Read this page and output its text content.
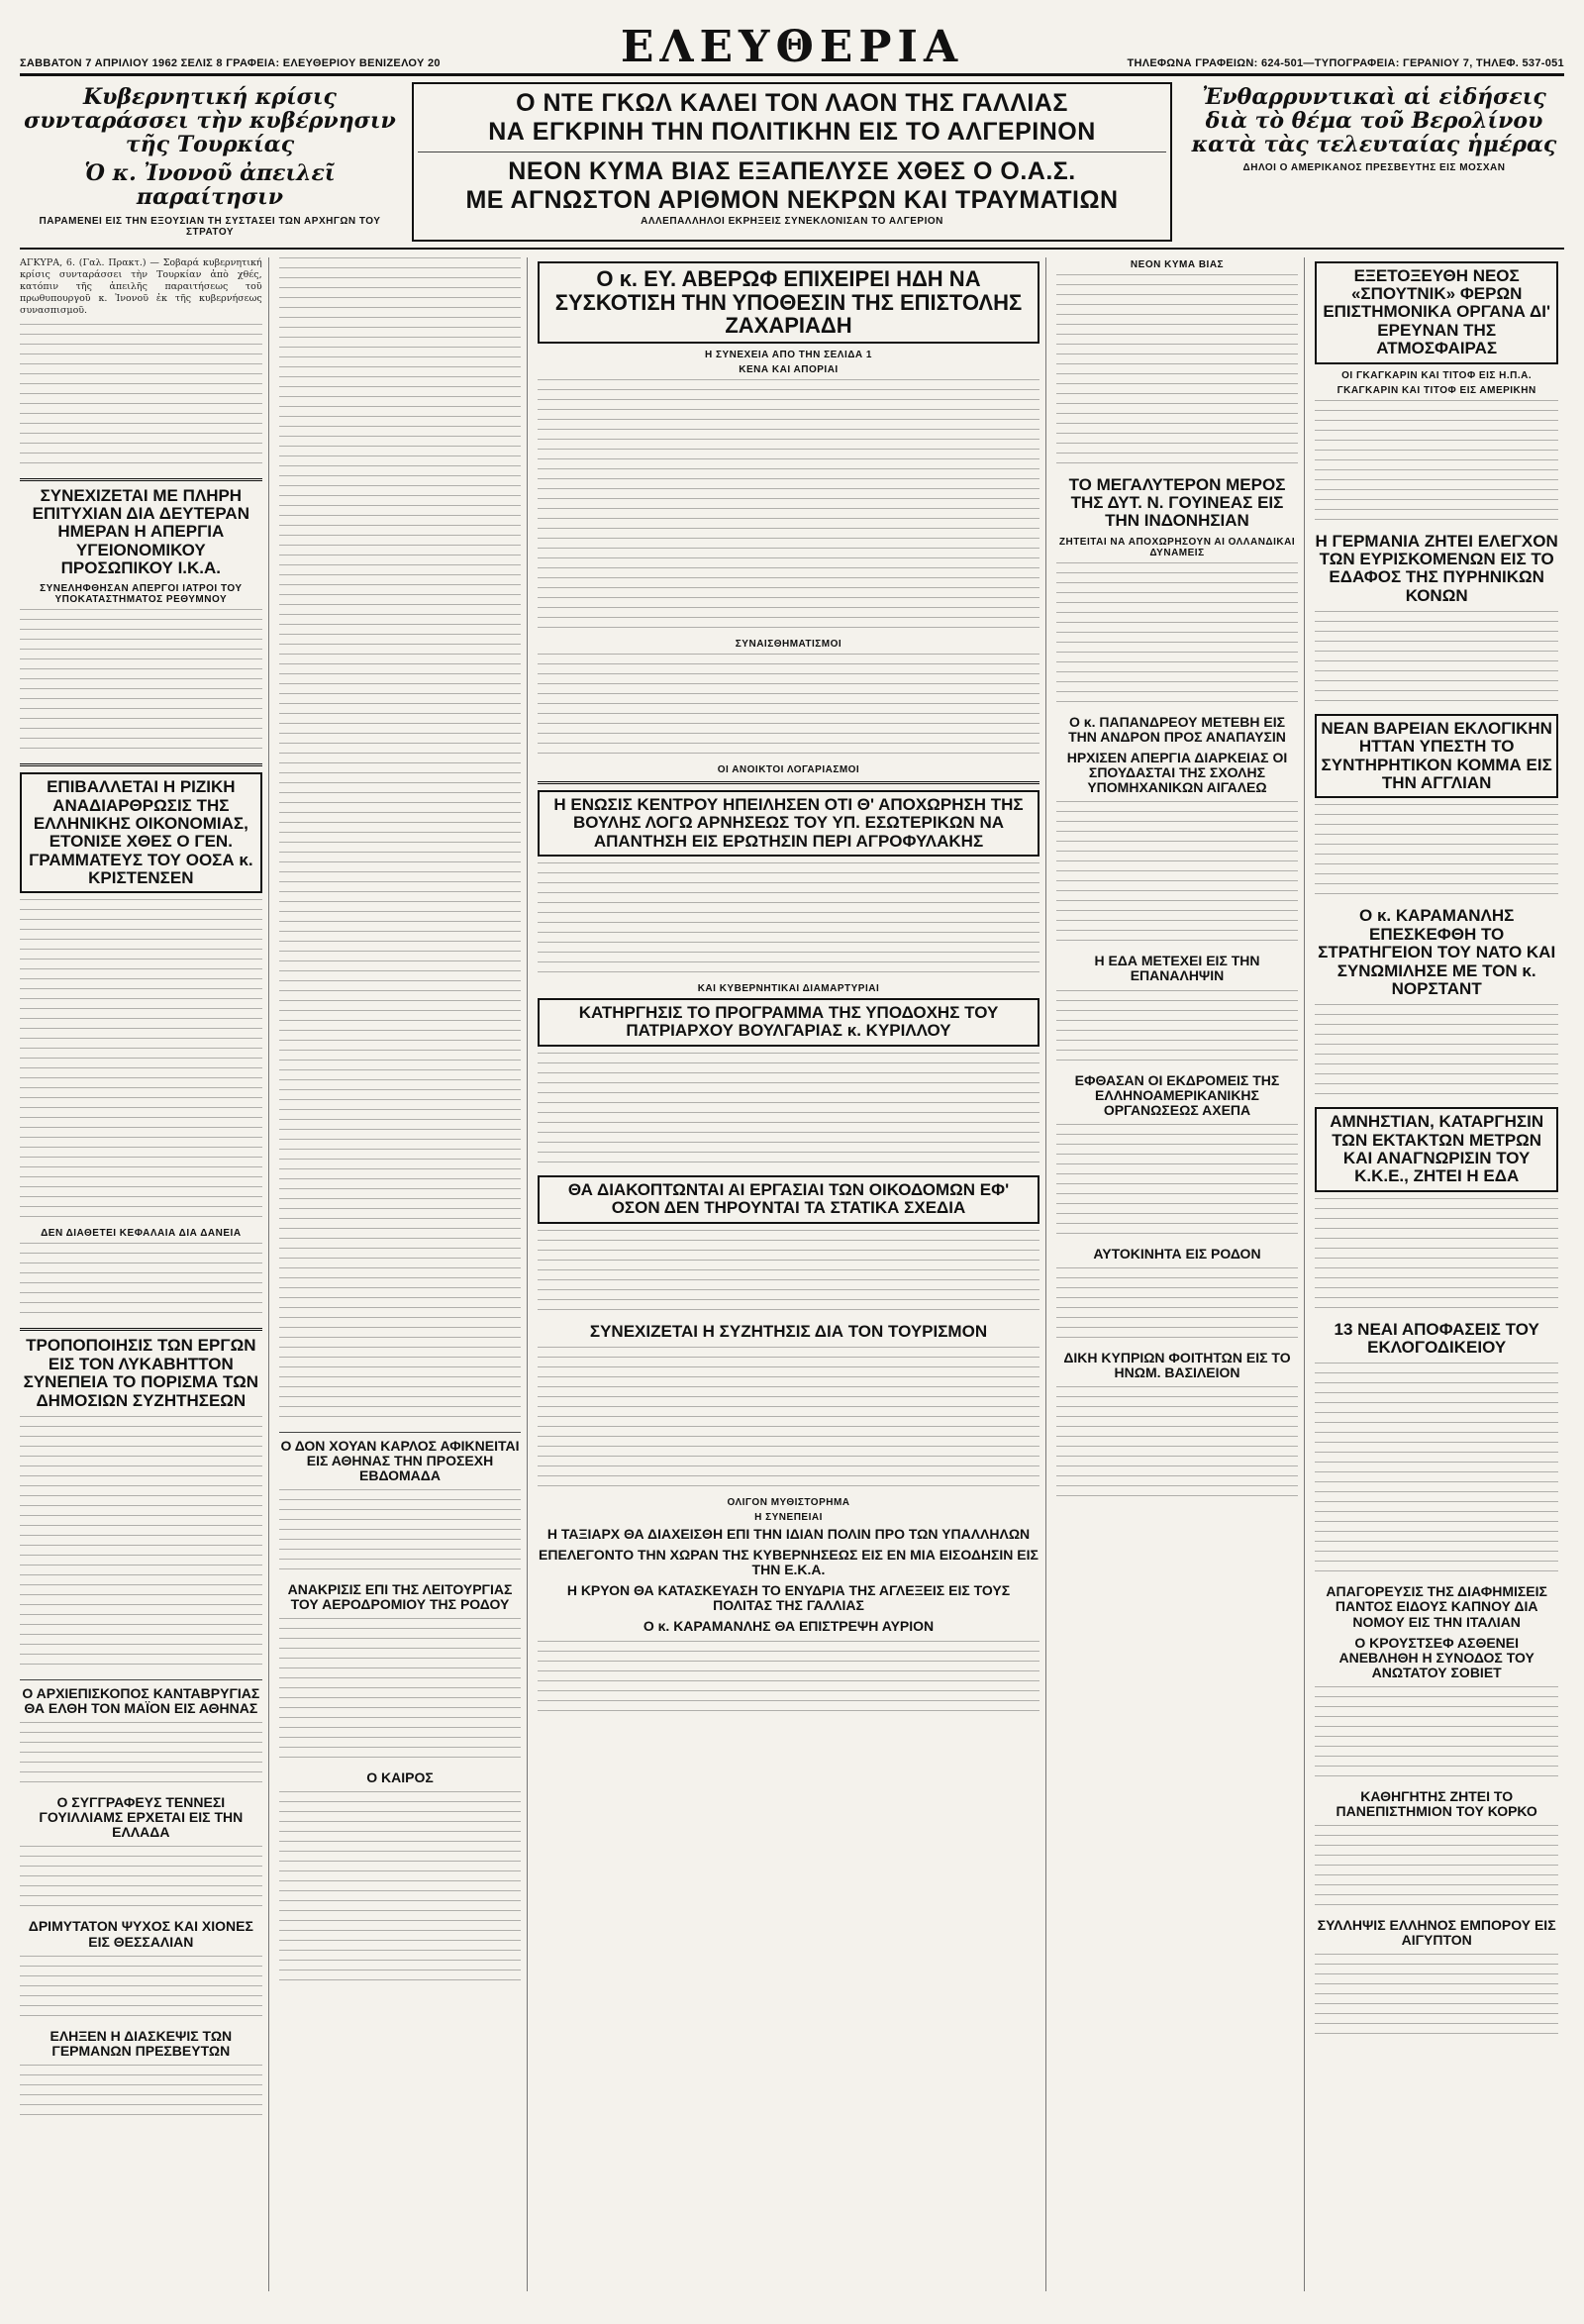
ΣΑΒΒΑΤΟΝ 7 ΑΠΡΙΛΙΟΥ 1962 ΣΕΛΙΣ 8 ΓΡΑΦΕΙΑ: ΕΛΕΥΘΕΡΙΟΥ ΒΕΝΙΖΕΛΟΥ 20	ΕΛΕΥΘΕΡΙΑ	ΤΗΛΕΦΩΝΑ ΓΡΑΦΕΙΩΝ: 624-501—ΤΥΠΟΓΡΑΦΕΙΑ: ΓΕΡΑΝΙΟΥ 7, ΤΗΛΕΦ. 537-051
Κυβερνητική κρίσις συνταράσσει τὴν κυβέρνησιν τῆς Τουρκίας
Ὁ κ. Ἰνονοῦ ἀπειλεῖ παραίτησιν
ΠΑΡΑΜΕΝΕΙ ΕΙΣ ΤΗΝ ΕΞΟΥΣΙΑΝ ΤΗ ΣΥΣΤΑΣΕΙ ΤΩΝ ΑΡΧΗΓΩΝ ΤΟΥ ΣΤΡΑΤΟΥ
Ο ΝΤΕ ΓΚΩΛ ΚΑΛΕΙ ΤΟΝ ΛΑΟΝ ΤΗΣ ΓΑΛΛΙΑΣ
ΝΑ ΕΓΚΡΙΝΗ ΤΗΝ ΠΟΛΙΤΙΚΗΝ ΕΙΣ ΤΟ ΑΛΓΕΡΙΝΟΝ
ΝΕΟΝ ΚΥΜΑ ΒΙΑΣ ΕΞΑΠΕΛΥΣΕ ΧΘΕΣ Ο Ο.Α.Σ.
ΜΕ ΑΓΝΩΣΤΟΝ ΑΡΙΘΜΟΝ ΝΕΚΡΩΝ ΚΑΙ ΤΡΑΥΜΑΤΙΩΝ
ΑΛΛΕΠΑΛΛΗΛΟΙ ΕΚΡΗΞΕΙΣ ΣΥΝΕΚΛΟΝΙΣΑΝ ΤΟ ΑΛΓΕΡΙΟΝ
Ἐνθαρρυντικαὶ αἱ εἰδήσεις διὰ τὸ θέμα τοῦ Βερολίνου κατὰ τὰς τελευταίας ἡμέρας
ΔΗΛΟΙ Ο ΑΜΕΡΙΚΑΝΟΣ ΠΡΕΣΒΕΥΤΗΣ ΕΙΣ ΜΟΣΧΑΝ

ΑΓΚΥΡΑ, 6. (Γαλ. Πρακτ.) — Σοβαρά κυβερνητική κρίσις συνταράσσει τὴν Τουρκίαν ἀπὸ χθές, κατόπιν τῆς ἀπειλῆς παραιτήσεως τοῦ πρωθυπουργοῦ κ. Ἰνονοῦ ἐκ τῆς κυβερνήσεως συνασπισμοῦ.

ΣΥΝΕΧΙΖΕΤΑΙ ΜΕ ΠΛΗΡΗ ΕΠΙΤΥΧΙΑΝ ΔΙΑ ΔΕΥΤΕΡΑΝ ΗΜΕΡΑΝ Η ΑΠΕΡΓΙΑ ΥΓΕΙΟΝΟΜΙΚΟΥ ΠΡΟΣΩΠΙΚΟΥ Ι.Κ.Α.
ΣΥΝΕΛΗΦΘΗΣΑΝ ΑΠΕΡΓΟΙ ΙΑΤΡΟΙ ΤΟΥ ΥΠΟΚΑΤΑΣΤΗΜΑΤΟΣ ΡΕΘΥΜΝΟΥ
ΕΠΙΒΑΛΛΕΤΑΙ Η ΡΙΖΙΚΗ ΑΝΑΔΙΑΡΘΡΩΣΙΣ ΤΗΣ ΕΛΛΗΝΙΚΗΣ ΟΙΚΟΝΟΜΙΑΣ, ΕΤΟΝΙΣΕ ΧΘΕΣ Ο ΓΕΝ. ΓΡΑΜΜΑΤΕΥΣ ΤΟΥ ΟΟΣΑ κ. ΚΡΙΣΤΕΝΣΕΝ
ΔΕΝ ΔΙΑΘΕΤΕΙ ΚΕΦΑΛΑΙΑ ΔΙΑ ΔΑΝΕΙΑ
ΤΡΟΠΟΠΟΙΗΣΙΣ ΤΩΝ ΕΡΓΩΝ ΕΙΣ ΤΟΝ ΛΥΚΑΒΗΤΤΟΝ ΣΥΝΕΠΕΙΑ ΤΟ ΠΟΡΙΣΜΑ ΤΩΝ ΔΗΜΟΣΙΩΝ ΣΥΖΗΤΗΣΕΩΝ
Ο ΑΡΧΙΕΠΙΣΚΟΠΟΣ ΚΑΝΤΑΒΡΥΓΙΑΣ ΘΑ ΕΛΘΗ ΤΟΝ ΜΑΪΟΝ ΕΙΣ ΑΘΗΝΑΣ
Ο ΣΥΓΓΡΑΦΕΥΣ ΤΕΝΝΕΣΙ ΓΟΥΙΛΛΙΑΜΣ ΕΡΧΕΤΑΙ ΕΙΣ ΤΗΝ ΕΛΛΑΔΑ
ΔΡΙΜΥΤΑΤΟΝ ΨΥΧΟΣ ΚΑΙ ΧΙΟΝΕΣ ΕΙΣ ΘΕΣΣΑΛΙΑΝ
ΕΛΗΞΕΝ Η ΔΙΑΣΚΕΨΙΣ ΤΩΝ ΓΕΡΜΑΝΩΝ ΠΡΕΣΒΕΥΤΩΝ
Ο ΔΟΝ ΧΟΥΑΝ ΚΑΡΛΟΣ ΑΦΙΚΝΕΙΤΑΙ ΕΙΣ ΑΘΗΝΑΣ ΤΗΝ ΠΡΟΣΕΧΗ ΕΒΔΟΜΑΔΑ
ΑΝΑΚΡΙΣΙΣ ΕΠΙ ΤΗΣ ΛΕΙΤΟΥΡΓΙΑΣ ΤΟΥ ΑΕΡΟΔΡΟΜΙΟΥ ΤΗΣ ΡΟΔΟΥ
Ο ΚΑΙΡΟΣ
Ο κ. ΕΥ. ΑΒΕΡΩΦ ΕΠΙΧΕΙΡΕΙ ΗΔΗ ΝΑ ΣΥΣΚΟΤΙΣΗ ΤΗΝ ΥΠΟΘΕΣΙΝ ΤΗΣ ΕΠΙΣΤΟΛΗΣ ΖΑΧΑΡΙΑΔΗ
Η ΣΥΝΕΧΕΙΑ ΑΠΟ ΤΗΝ ΣΕΛΙΔΑ 1
ΚΕΝΑ ΚΑΙ ΑΠΟΡΙΑΙ
ΣΥΝΑΙΣΘΗΜΑΤΙΣΜΟΙ
ΟΙ ΑΝΟΙΚΤΟΙ ΛΟΓΑΡΙΑΣΜΟΙ
Η ΕΝΩΣΙΣ ΚΕΝΤΡΟΥ ΗΠΕΙΛΗΣΕΝ ΟΤΙ Θ' ΑΠΟΧΩΡΗΣΗ ΤΗΣ ΒΟΥΛΗΣ ΛΟΓΩ ΑΡΝΗΣΕΩΣ ΤΟΥ ΥΠ. ΕΣΩΤΕΡΙΚΩΝ ΝΑ ΑΠΑΝΤΗΣΗ ΕΙΣ ΕΡΩΤΗΣΙΝ ΠΕΡΙ ΑΓΡΟΦΥΛΑΚΗΣ
ΚΑΙ ΚΥΒΕΡΝΗΤΙΚΑΙ ΔΙΑΜΑΡΤΥΡΙΑΙ
ΚΑΤΗΡΓΗΣΙΣ ΤΟ ΠΡΟΓΡΑΜΜΑ ΤΗΣ ΥΠΟΔΟΧΗΣ ΤΟΥ ΠΑΤΡΙΑΡΧΟΥ ΒΟΥΛΓΑΡΙΑΣ κ. ΚΥΡΙΛΛΟΥ
ΘΑ ΔΙΑΚΟΠΤΩΝΤΑΙ ΑΙ ΕΡΓΑΣΙΑΙ ΤΩΝ ΟΙΚΟΔΟΜΩΝ ΕΦ' ΟΣΟΝ ΔΕΝ ΤΗΡΟΥΝΤΑΙ ΤΑ ΣΤΑΤΙΚΑ ΣΧΕΔΙΑ
ΣΥΝΕΧΙΖΕΤΑΙ Η ΣΥΖΗΤΗΣΙΣ ΔΙΑ ΤΟΝ ΤΟΥΡΙΣΜΟΝ
ΟΛΙΓΟΝ ΜΥΘΙΣΤΟΡΗΜΑ
Η ΣΥΝΕΠΕΙΑΙ
Η ΤΑΞΙΑΡΧ ΘΑ ΔΙΑΧΕΙΣΘΗ ΕΠΙ ΤΗΝ ΙΔΙΑΝ ΠΟΛΙΝ ΠΡΟ ΤΩΝ ΥΠΑΛΛΗΛΩΝ
ΕΠΕΛΕΓΟΝΤΟ ΤΗΝ ΧΩΡΑΝ ΤΗΣ ΚΥΒΕΡΝΗΣΕΩΣ ΕΙΣ ΕΝ ΜΙΑ ΕΙΣΟΔΗΣΙΝ ΕΙΣ ΤΗΝ Ε.Κ.Α.
Η ΚΡΥΟΝ ΘΑ ΚΑΤΑΣΚΕΥΑΣΗ ΤΟ ΕΝΥΔΡΙΑ ΤΗΣ ΑΓΛΕΞΕΙΣ ΕΙΣ ΤΟΥΣ ΠΟΛΙΤΑΣ ΤΗΣ ΓΑΛΛΙΑΣ
Ο κ. ΚΑΡΑΜΑΝΛΗΣ ΘΑ ΕΠΙΣΤΡΕΨΗ ΑΥΡΙΟΝ
ΝΕΟΝ ΚΥΜΑ ΒΙΑΣ
ΤΟ ΜΕΓΑΛΥΤΕΡΟΝ ΜΕΡΟΣ ΤΗΣ ΔΥΤ. Ν. ΓΟΥΙΝΕΑΣ ΕΙΣ ΤΗΝ ΙΝΔΟΝΗΣΙΑΝ
ΖΗΤΕΙΤΑΙ ΝΑ ΑΠΟΧΩΡΗΣΟΥΝ ΑΙ ΟΛΛΑΝΔΙΚΑΙ ΔΥΝΑΜΕΙΣ
Ο κ. ΠΑΠΑΝΔΡΕΟΥ ΜΕΤΕΒΗ ΕΙΣ ΤΗΝ ΑΝΔΡΟΝ ΠΡΟΣ ΑΝΑΠΑΥΣΙΝ
ΗΡΧΙΣΕΝ ΑΠΕΡΓΙΑ ΔΙΑΡΚΕΙΑΣ ΟΙ ΣΠΟΥΔΑΣΤΑΙ ΤΗΣ ΣΧΟΛΗΣ ΥΠΟΜΗΧΑΝΙΚΩΝ ΑΙΓΑΛΕΩ
Η ΕΔΑ ΜΕΤΕΧΕΙ ΕΙΣ ΤΗΝ ΕΠΑΝΑΛΗΨΙΝ
ΕΦΘΑΣΑΝ ΟΙ ΕΚΔΡΟΜΕΙΣ ΤΗΣ ΕΛΛΗΝΟΑΜΕΡΙΚΑΝΙΚΗΣ ΟΡΓΑΝΩΣΕΩΣ ΑΧΕΠΑ
ΑΥΤΟΚΙΝΗΤΑ ΕΙΣ ΡΟΔΟΝ
ΔΙΚΗ ΚΥΠΡΙΩΝ ΦΟΙΤΗΤΩΝ ΕΙΣ ΤΟ ΗΝΩΜ. ΒΑΣΙΛΕΙΟΝ
ΕΞΕΤΟΞΕΥΘΗ ΝΕΟΣ «ΣΠΟΥΤΝΙΚ» ΦΕΡΩΝ ΕΠΙΣΤΗΜΟΝΙΚΑ ΟΡΓΑΝΑ ΔΙ' ΕΡΕΥΝΑΝ ΤΗΣ ΑΤΜΟΣΦΑΙΡΑΣ
ΟΙ ΓΚΑΓΚΑΡΙΝ ΚΑΙ ΤΙΤΟΦ ΕΙΣ Η.Π.Α.
ΓΚΑΓΚΑΡΙΝ ΚΑΙ ΤΙΤΟΦ ΕΙΣ ΑΜΕΡΙΚΗΝ
Η ΓΕΡΜΑΝΙΑ ΖΗΤΕΙ ΕΛΕΓΧΟΝ ΤΩΝ ΕΥΡΙΣΚΟΜΕΝΩΝ ΕΙΣ ΤΟ ΕΔΑΦΟΣ ΤΗΣ ΠΥΡΗΝΙΚΩΝ ΚΟΝΩΝ
ΝΕΑΝ ΒΑΡΕΙΑΝ ΕΚΛΟΓΙΚΗΝ ΗΤΤΑΝ ΥΠΕΣΤΗ ΤΟ ΣΥΝΤΗΡΗΤΙΚΟΝ ΚΟΜΜΑ ΕΙΣ ΤΗΝ ΑΓΓΛΙΑΝ
Ο κ. ΚΑΡΑΜΑΝΛΗΣ ΕΠΕΣΚΕΦΘΗ ΤΟ ΣΤΡΑΤΗΓΕΙΟΝ ΤΟΥ ΝΑΤΟ ΚΑΙ ΣΥΝΩΜΙΛΗΣΕ ΜΕ ΤΟΝ κ. ΝΟΡΣΤΑΝΤ
ΑΜΝΗΣΤΙΑΝ, ΚΑΤΑΡΓΗΣΙΝ ΤΩΝ ΕΚΤΑΚΤΩΝ ΜΕΤΡΩΝ ΚΑΙ ΑΝΑΓΝΩΡΙΣΙΝ ΤΟΥ Κ.Κ.Ε., ΖΗΤΕΙ Η ΕΔΑ
13 ΝΕΑΙ ΑΠΟΦΑΣΕΙΣ ΤΟΥ ΕΚΛΟΓΟΔΙΚΕΙΟΥ
ΑΠΑΓΟΡΕΥΣΙΣ ΤΗΣ ΔΙΑΦΗΜΙΣΕΙΣ ΠΑΝΤΟΣ ΕΙΔΟΥΣ ΚΑΠΝΟΥ ΔΙΑ ΝΟΜΟΥ ΕΙΣ ΤΗΝ ΙΤΑΛΙΑΝ
Ο ΚΡΟΥΣΤΣΕΦ ΑΣΘΕΝΕΙ ΑΝΕΒΛΗΘΗ Η ΣΥΝΟΔΟΣ ΤΟΥ ΑΝΩΤΑΤΟΥ ΣΟΒΙΕΤ
ΚΑΘΗΓΗΤΗΣ ΖΗΤΕΙ ΤΟ ΠΑΝΕΠΙΣΤΗΜΙΟΝ ΤΟΥ ΚΟΡΚΟ
ΣΥΛΛΗΨΙΣ ΕΛΛΗΝΟΣ ΕΜΠΟΡΟΥ ΕΙΣ ΑΙΓΥΠΤΟΝ
